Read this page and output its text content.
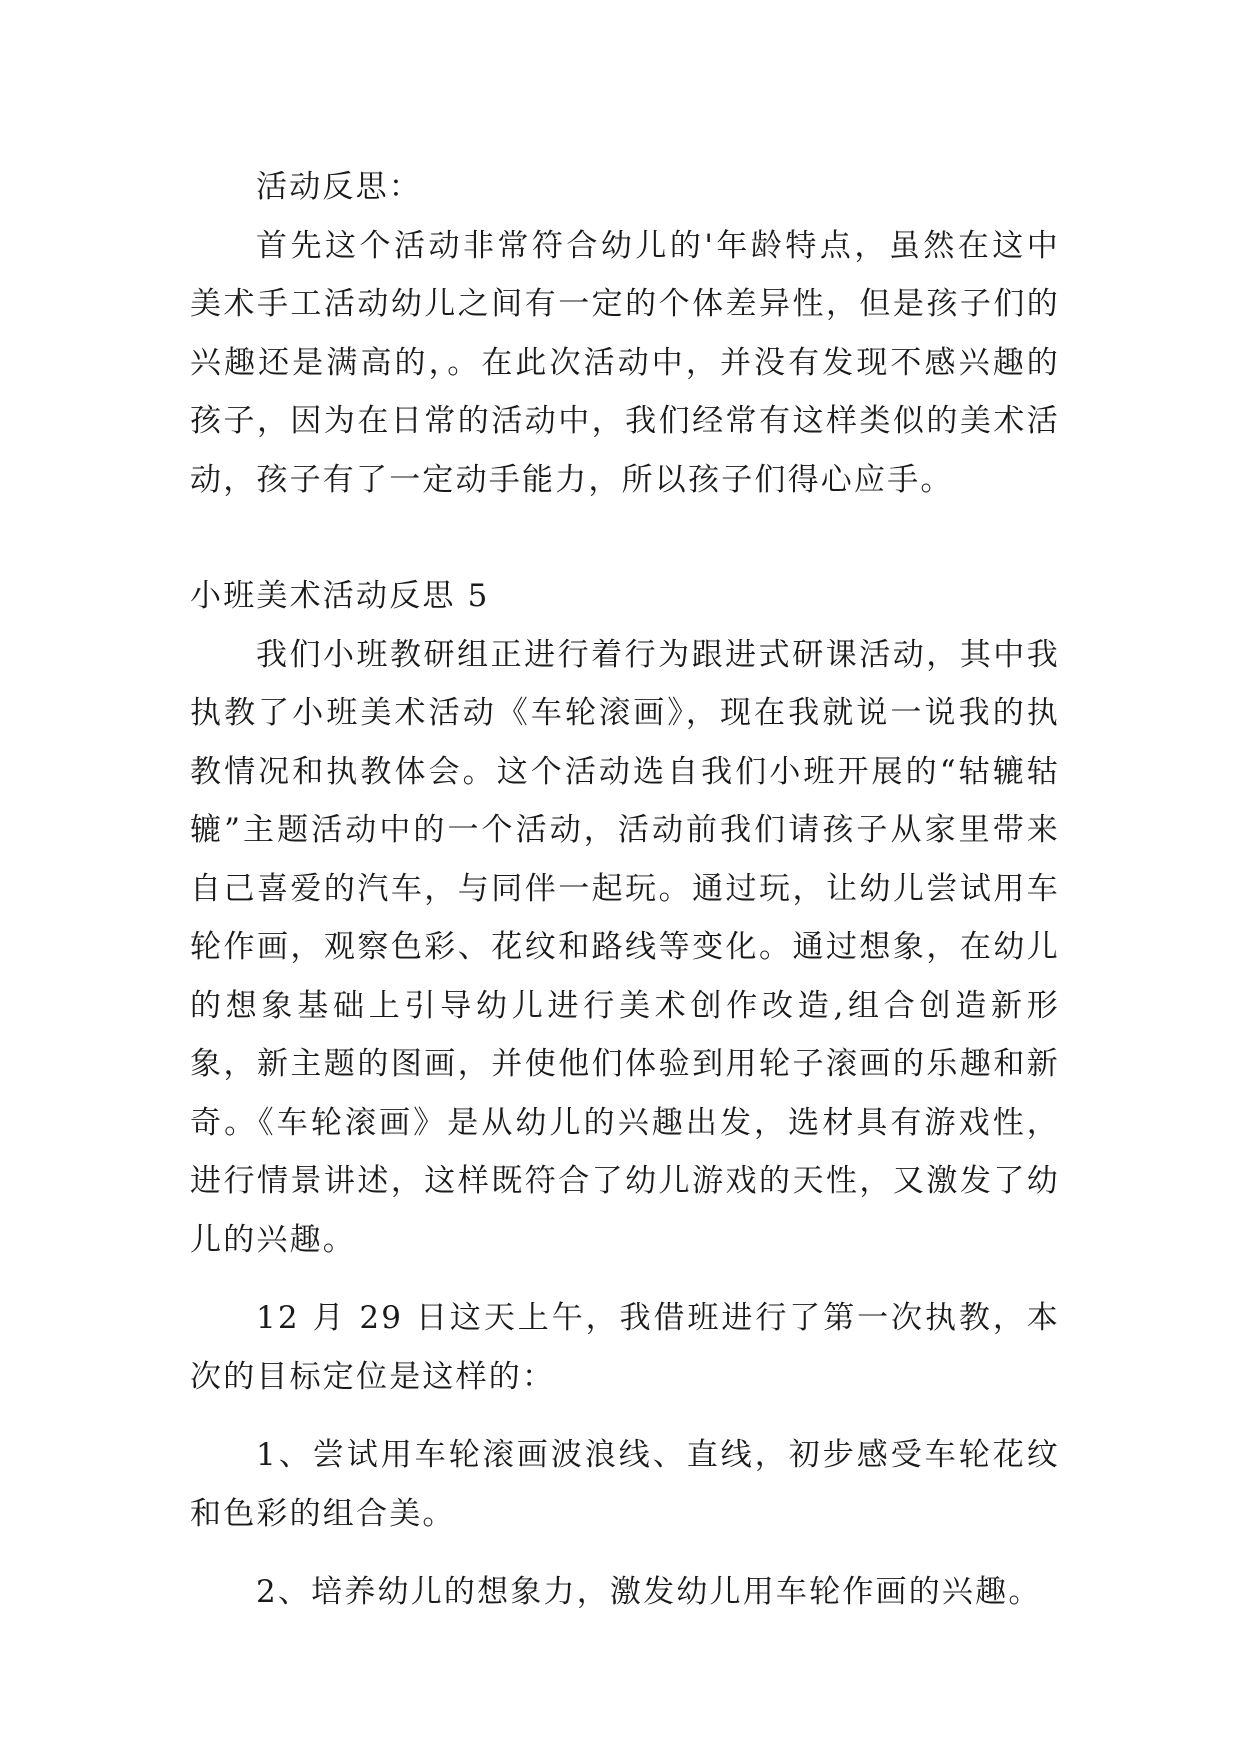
活动反思：

首先这个活动非常符合幼儿的'年龄特点，虽然在这中美术手工活动幼儿之间有一定的个体差异性，但是孩子们的兴趣还是满高的，。在此次活动中，并没有发现不感兴趣的孩子，因为在日常的活动中，我们经常有这样类似的美术活动，孩子有了一定动手能力，所以孩子们得心应手。

小班美术活动反思 5

我们小班教研组正进行着行为跟进式研课活动，其中我执教了小班美术活动《车轮滚画》，现在我就说一说我的执教情况和执教体会。这个活动选自我们小班开展的“轱辘轱辘”主题活动中的一个活动，活动前我们请孩子从家里带来自己喜爱的汽车，与同伴一起玩。通过玩，让幼儿尝试用车轮作画，观察色彩、花纹和路线等变化。通过想象，在幼儿的想象基础上引导幼儿进行美术创作改造,组合创造新形象，新主题的图画，并使他们体验到用轮子滚画的乐趣和新奇。《车轮滚画》是从幼儿的兴趣出发，选材具有游戏性，进行情景讲述，这样既符合了幼儿游戏的天性，又激发了幼儿的兴趣。

12 月 29 日这天上午，我借班进行了第一次执教，本次的目标定位是这样的：

1、尝试用车轮滚画波浪线、直线，初步感受车轮花纹和色彩的组合美。

2、培养幼儿的想象力，激发幼儿用车轮作画的兴趣。
